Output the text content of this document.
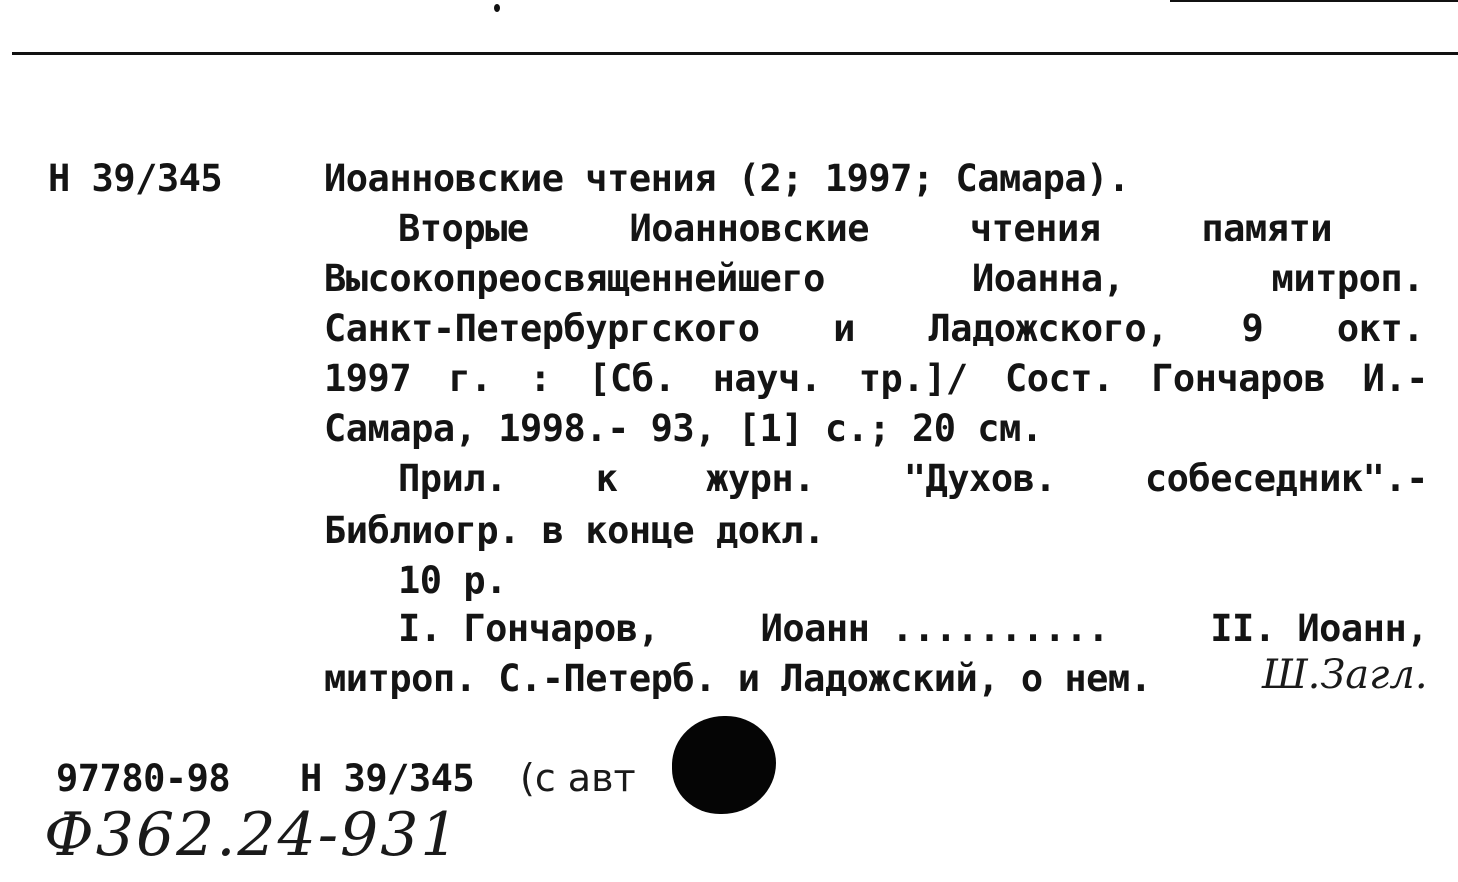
Н 39/345	Иоанновские чтения (2; 1997; Самара).
Вторые	Иоанновские	чтения	памяти
Высокопреосвященнейшего	Иоанна,	митроп.
Санкт-Петербургского и Ладожского, 9 окт.
1997 г. : [Сб. науч. тр.]/ Сост. Гончаров И.-
Самара, 1998.- 93, [1] с.; 20 см.
Прил. к журн. "Духов. собеседник".-
Библиогр. в конце докл.
10 р.
I. Гончаров,	Иоанн ..........	II. Иоанн,
митроп. С.-Петерб. и Ладожский, о нем.	Ш.Загл.
97780-98 Н 39/345 (с авт
Ф362.24-931
